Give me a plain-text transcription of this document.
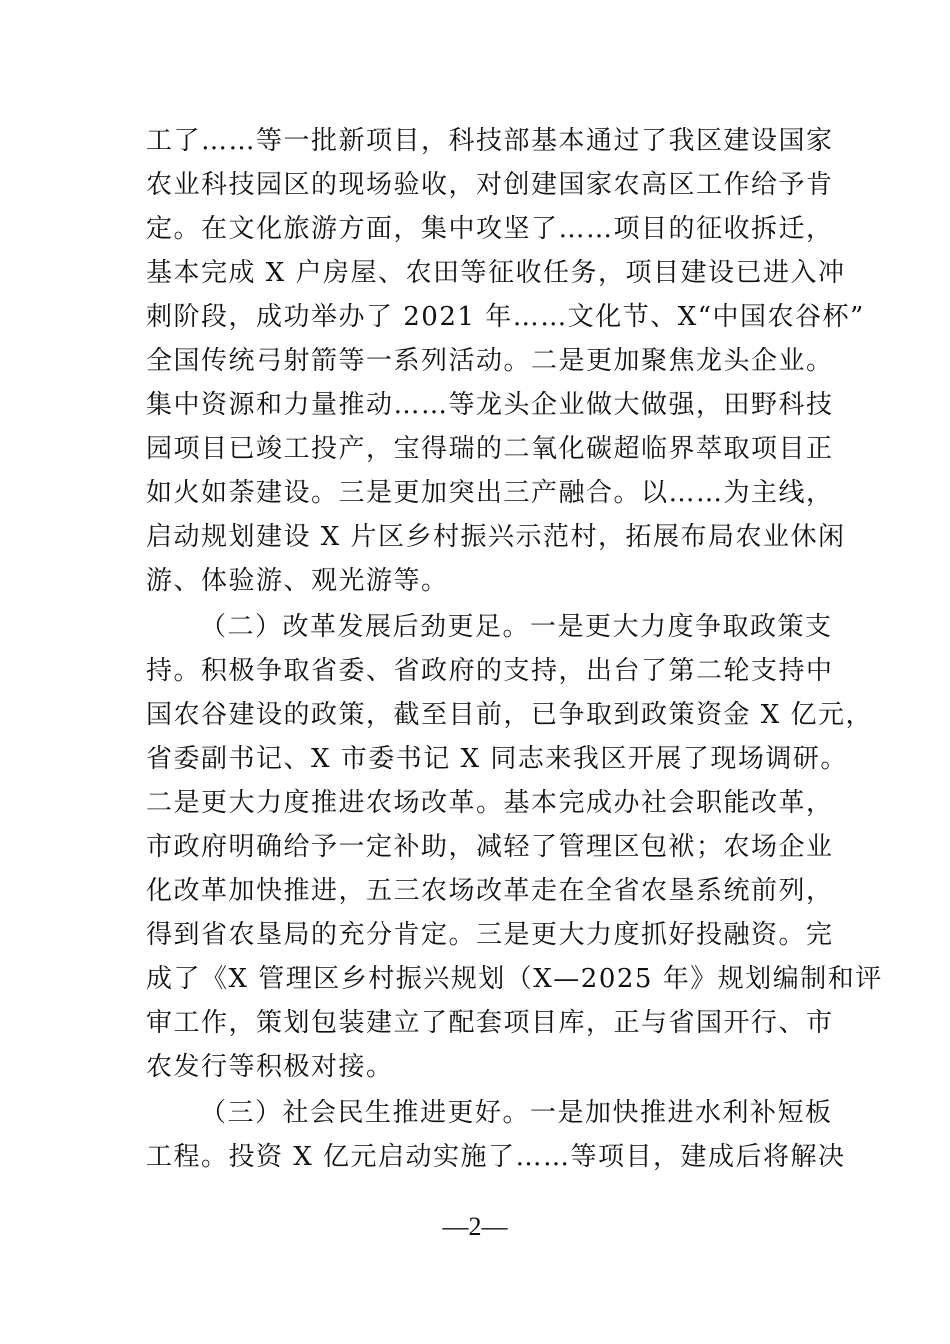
工了……等一批新项目，科技部基本通过了我区建设国家
农业科技园区的现场验收，对创建国家农高区工作给予肯
定。在文化旅游方面，集中攻坚了……项目的征收拆迁，
基本完成 X 户房屋、农田等征收任务，项目建设已进入冲
刺阶段，成功举办了 2021 年……文化节、X“中国农谷杯”
全国传统弓射箭等一系列活动。二是更加聚焦龙头企业。
集中资源和力量推动……等龙头企业做大做强，田野科技
园项目已竣工投产，宝得瑞的二氧化碳超临界萃取项目正
如火如荼建设。三是更加突出三产融合。以……为主线，
启动规划建设 X 片区乡村振兴示范村，拓展布局农业休闲
游、体验游、观光游等。
（二）改革发展后劲更足。一是更大力度争取政策支
持。积极争取省委、省政府的支持，出台了第二轮支持中
国农谷建设的政策，截至目前，已争取到政策资金 X 亿元，
省委副书记、X 市委书记 X 同志来我区开展了现场调研。
二是更大力度推进农场改革。基本完成办社会职能改革，
市政府明确给予一定补助，减轻了管理区包袱；农场企业
化改革加快推进，五三农场改革走在全省农垦系统前列，
得到省农垦局的充分肯定。三是更大力度抓好投融资。完
成了《X 管理区乡村振兴规划（X—2025 年》规划编制和评
审工作，策划包装建立了配套项目库，正与省国开行、市
农发行等积极对接。
（三）社会民生推进更好。一是加快推进水利补短板
工程。投资 X 亿元启动实施了……等项目，建成后将解决
—2—
